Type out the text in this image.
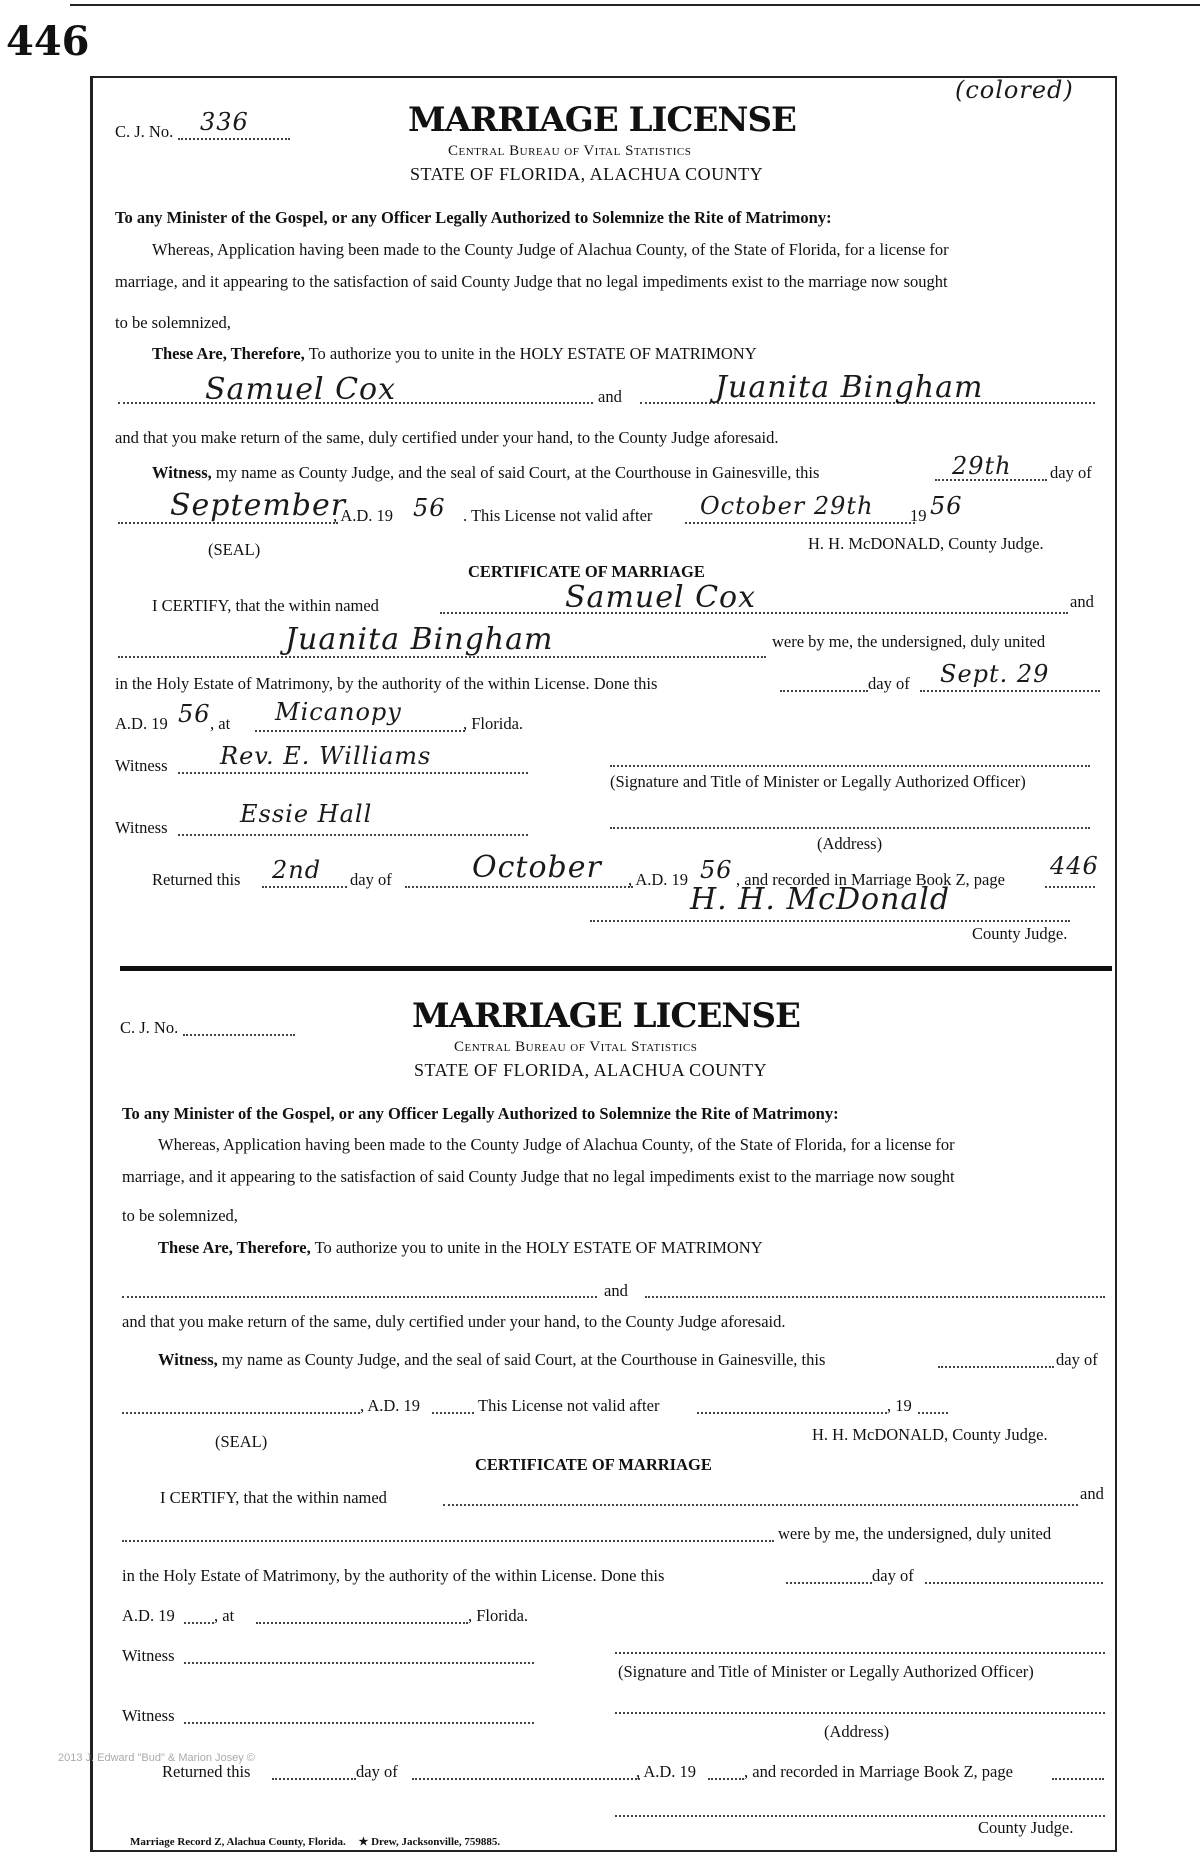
446
C. J. No. 336
(colored)
MARRIAGE LICENSE
Central Bureau of Vital Statistics
STATE OF FLORIDA, ALACHUA COUNTY
To any Minister of the Gospel, or any Officer Legally Authorized to Solemnize the Rite of Matrimony:
Whereas, Application having been made to the County Judge of Alachua County, of the State of Florida, for a license for
marriage, and it appearing to the satisfaction of said County Judge that no legal impediments exist to the marriage now sought
to be solemnized,
These Are, Therefore, To authorize you to unite in the HOLY ESTATE OF MATRIMONY
Samuel Cox	and	Juanita Bingham
and that you make return of the same, duly certified under your hand, to the County Judge aforesaid.
Witness, my name as County Judge, and the seal of said Court, at the Courthouse in Gainesville, this	29th day of
September
, A.D. 19 56 . This License not valid after October 29th 19 56
(SEAL)	H. H. McDONALD, County Judge.
CERTIFICATE OF MARRIAGE
I CERTIFY, that the within named	Samuel Cox	and
Juanita Bingham	were by me, the undersigned, duly united
in the Holy Estate of Matrimony, by the authority of the within License. Done this	day of Sept. 29
A.D. 19 56 , at Micanopy	, Florida.
Witness Rev. E. Williams
(Signature and Title of Minister or Legally Authorized Officer)
Witness	Essie Hall
(Address)
Returned this 2nd day of	October , A.D. 19 56 , and recorded in Marriage Book Z, page 446
H. H. McDonald
County Judge.
C. J. No.	MARRIAGE LICENSE
Central Bureau of Vital Statistics
STATE OF FLORIDA, ALACHUA COUNTY
To any Minister of the Gospel, or any Officer Legally Authorized to Solemnize the Rite of Matrimony:
Whereas, Application having been made to the County Judge of Alachua County, of the State of Florida, for a license for
marriage, and it appearing to the satisfaction of said County Judge that no legal impediments exist to the marriage now sought
to be solemnized,
These Are, Therefore, To authorize you to unite in the HOLY ESTATE OF MATRIMONY
and
and that you make return of the same, duly certified under your hand, to the County Judge aforesaid.
Witness, my name as County Judge, and the seal of said Court, at the Courthouse in Gainesville, this	day of
, A.D. 19	This License not valid after	, 19
(SEAL)	H. H. McDONALD, County Judge.
CERTIFICATE OF MARRIAGE
I CERTIFY, that the within named	and
were by me, the undersigned, duly united
in the Holy Estate of Matrimony, by the authority of the within License. Done this	day of
A.D. 19 , at	, Florida.
Witness
(Signature and Title of Minister or Legally Authorized Officer)
Witness
(Address)
Returned this	day of	, A.D. 19	, and recorded in Marriage Book Z, page
County Judge.
Marriage Record Z, Alachua County, Florida. ★ Drew, Jacksonville, 759885.
2013 J. Edward "Bud" & Marion Josey ©
